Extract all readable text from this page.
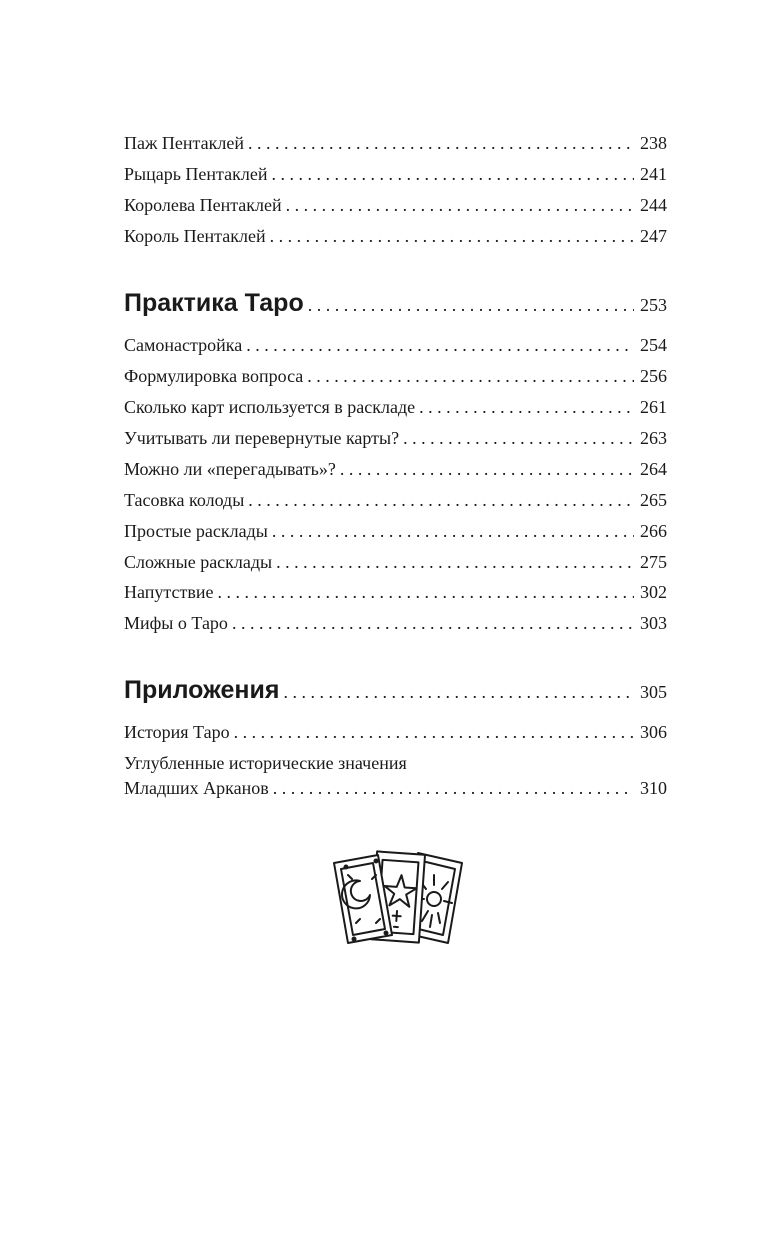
Паж Пентаклей . . .	238
Рыцарь Пентаклей . . .	241
Королева Пентаклей . . .	244
Король Пентаклей . . .	247
Практика Таро . . .	253
Самонастройка . . .	254
Формулировка вопроса . . .	256
Сколько карт используется в раскладе . . .	261
Учитывать ли перевернутые карты? . . .	263
Можно ли «перегадывать»? . . .	264
Тасовка колоды . . .	265
Простые расклады . . .	266
Сложные расклады . . .	275
Напутствие . . .	302
Мифы о Таро . . .	303
Приложения . . .	305
История Таро . . .	306
Углубленные исторические значения
Младших Арканов . . .	310
